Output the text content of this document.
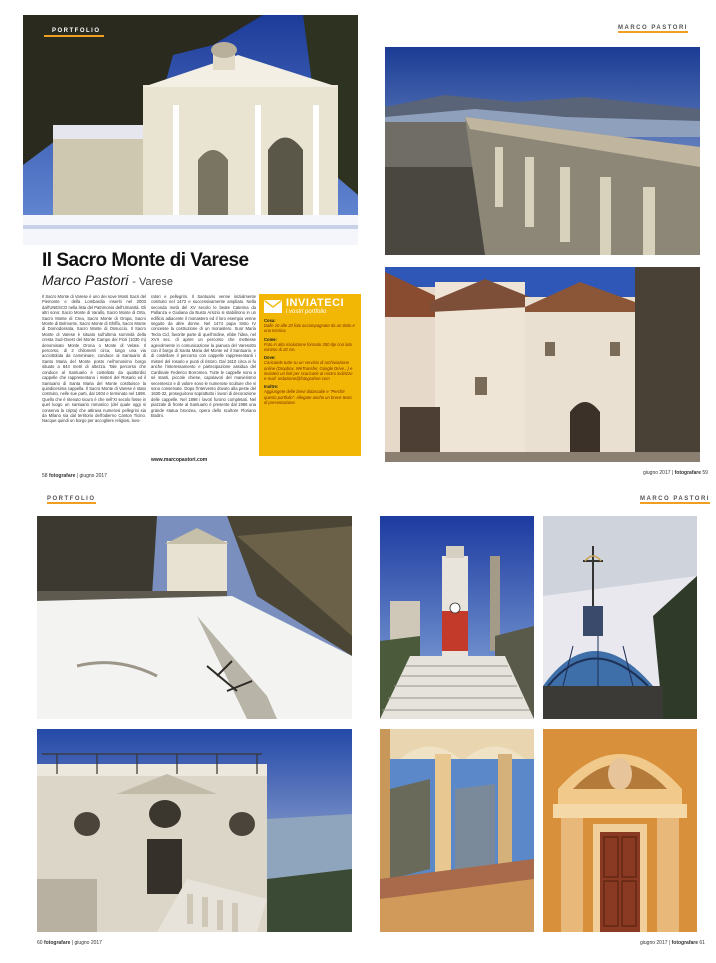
PORTFOLIO
Il Sacro Monte di Varese
Marco Pastori - Varese
Il Sacro Monte di Varese è uno dei nove Monti Sacri del Piemonte e della Lombardia inseriti nel 2003 dall'UNESCO nella lista del Patrimonio dell'Umanità. Gli altri sono: Sacro Monte di Varallo, Sacro Monte di Orta, Sacro Monte di Crea, Sacro Monte di Oropa, Sacro Monte di Belmonte, Sacro Monte di Ghiffa, Sacro Monte di Domodossola, Sacro Monte di Ossuccio. Il Sacro Monte di Varese è situato sull'ultima sommità della cresta Sud-Ovest del Monte Campo dei Fiori (1030 m) denominato Monte Orona o Monte di Velate. Il percorso, di 2 chilometri circa, lungo una via acciottolata da camminare, conduce al Santuario di Santa Maria del Monte posto nell'omonimo borgo situato a 844 metri di altezza. Tale percorso che conduce al Santuario è costellato da quattordici cappelle che rappresentano i misteri del Rosario ed il Santuario di Santa Maria del Monte costituisce la quindicesima cappella. Il Sacro Monte di Varese è stato costruito, nelle sue parti, dal 1604 e terminato nel 1698. Quello che è ritenuto sicuro è che nell'XI secolo fosse in quel luogo un santuario romanico (del quale oggi si conserva la cripta) che attirava numerosi pellegrini sia da Milano sia dal territorio dell'odierno Canton Ticino. Nacque quindi un borgo per accogliere religiosi, lavo-
ratori e pellegrini. Il Santuario venne inizialmente costruito nel 1472 e successivamente ampliato. Nella seconda metà del XV secolo le beate Caterina da Pallanza e Giuliana da Busto Arsizio si stabilirono in un edificio adiacente il monastero ed il loro esempio venne seguito da altre donne. Nel 1474 papa Sisto IV concesse la costruzione di un monastero. Suor Maria Tecla Cid, favorite parte di quell'ordine, ebbe l'idea, nel XVII sec. di aprire un percorso che mettesse agevolmente in comunicazione la pianura del Varesotto con il borgo di Santa Maria del Monte ed il Santuario, e di costellare il percorso con cappelle rappresentanti i misteri del rosario e punti di ristoro. Dal 1610 circa vi fu anche l'interessamento e partecipazione assidua del Cardinale Federico Borromeo. Tutte le cappelle sono a sé stanti, piccole chiese, capolavori del manierismo secentesco e di valore sono le numerose sculture che vi sono conservate. Dopo l'intervento dovuto alla peste del 1630-32, proseguirono soprattutto i lavori di decorazione delle cappelle. Nel 1898 i lavori furono completati. Nel piazzale di fronte al Santuario è presente dal 1986 una grande statua bronzea, opera dello scultore Floriano Bodini.
www.marcopastori.com
INVIATECI
i vostri portfolio
Cosa:
Dalle 10 alle 20 foto accompagnate da un titolo e una tecnica.
Come:
Foto in alta risoluzione formato 300 dpi con lato minimo di 20 cm.
Dove:
Caricatele tutte su un servizio di archiviazione online (Dropbox, WeTransfer, Google Drive...) e inviateci un link per scaricarle al nostro indirizzo e-mail: redazione@fotografare.com
Inoltre:
Aggiungete delle brevi didascalie e "Perché questo portfolio". Allegate anche un breve testo di presentazione.
58 fotografare | giugno 2017
MARCO PASTORI
giugno 2017 | fotografare 59
PORTFOLIO
60 fotografare | giugno 2017
MARCO PASTORI
giugno 2017 | fotografare 61
